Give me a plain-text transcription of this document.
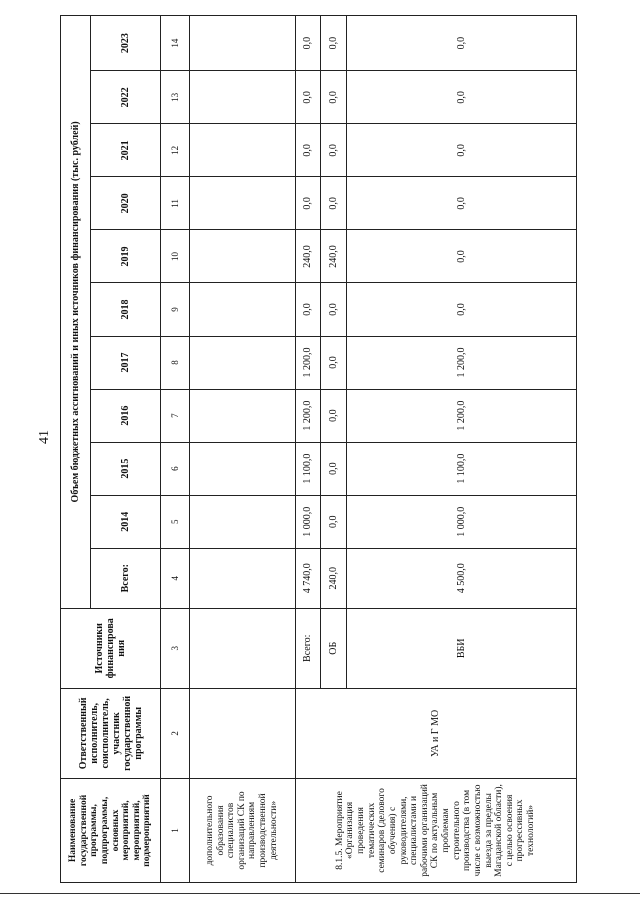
41
Наименование государственной программы, подпрограммы, основных мероприятий, мероприятий, подмероприятий	Ответственный исполнитель, соисполнитель, участник государственной программы	Источники финансирова ния	Объем бюджетных ассигнований и иных источников финансирования (тыс. рублей)										
			Всего:	2014	2015	2016	2017	2018	2019	2020	2021	2022	2023
1	2	3	4	5	6	7	8	9	10	11	12	13	14
дополнительного образования специалистов организаций СК по направлениям производственной деятельности»													
8.1.5. Мероприятие «Организация проведения тематических семинаров (делового обучения) с руководителями, специалистами и рабочими организаций СК по актуальным проблемам строительного производства (в том числе с возможностью выезда за пределы Магаданской области), с целью освоения прогрессивных технологий»	УА и Г МО	Всего:	4 740,0	1 000,0	1 100,0	1 200,0	1 200,0	0,0	240,0	0,0	0,0	0,0	0,0
		ОБ	240,0	0,0	0,0	0,0	0,0	0,0	240,0	0,0	0,0	0,0	0,0
		ВБИ	4 500,0	1 000,0	1 100,0	1 200,0	1 200,0	0,0	0,0	0,0	0,0	0,0	0,0
